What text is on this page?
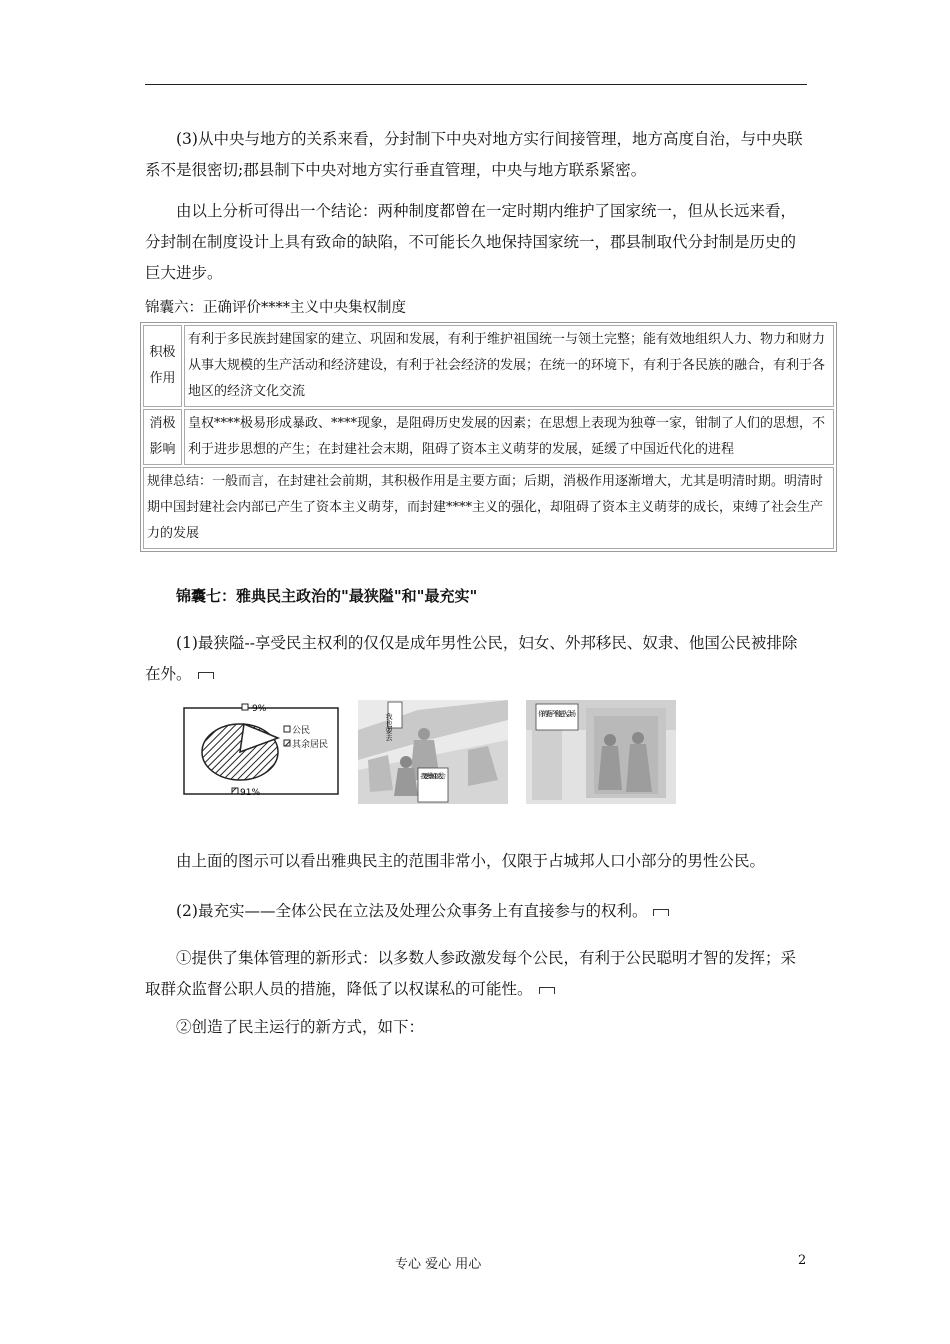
(3)从中央与地方的关系来看，分封制下中央对地方实行间接管理，地方高度自治，与中央联系不是很密切;郡县制下中央对地方实行垂直管理，中央与地方联系紧密。

由以上分析可得出一个结论：两种制度都曾在一定时期内维护了国家统一，但从长远来看，分封制在制度设计上具有致命的缺陷，不可能长久地保持国家统一，郡县制取代分封制是历史的巨大进步。

锦囊六：正确评价****主义中央集权制度
积极作用	有利于多民族封建国家的建立、巩固和发展，有利于维护祖国统一与领土完整；能有效地组织人力、物力和财力从事大规模的生产活动和经济建设，有利于社会经济的发展；在统一的环境下，有利于各民族的融合，有利于各地区的经济文化交流
消极影响	皇权****极易形成暴政、****现象，是阻碍历史发展的因素；在思想上表现为独尊一家，钳制了人们的思想，不利于进步思想的产生；在封建社会末期，阻碍了资本主义萌芽的发展，延缓了中国近代化的进程
规律总结：一般而言，在封建社会前期，其积极作用是主要方面；后期，消极作用逐渐增大，尤其是明清时期。明清时期中国封建社会内部已产生了资本主义萌芽，而封建****主义的强化，却阻碍了资本主义萌芽的成长，束缚了社会生产力的发展	
锦囊七：雅典民主政治的"最狭隘"和"最充实"

(1)最狭隘--享受民主权利的仅仅是成年男性公民，妇女、外邦移民、奴隶、他国公民被排除在外。

9%
公民
其余居民
91%
我也要去
我要去参加公民大会
你的妻子不能进入会场

由上面的图示可以看出雅典民主的范围非常小，仅限于占城邦人口小部分的男性公民。

(2)最充实——全体公民在立法及处理公众事务上有直接参与的权利。

①提供了集体管理的新形式：以多数人参政激发每个公民，有利于公民聪明才智的发挥；采取群众监督公职人员的措施，降低了以权谋私的可能性。

②创造了民主运行的新方式，如下：

专心 爱心 用心	2
